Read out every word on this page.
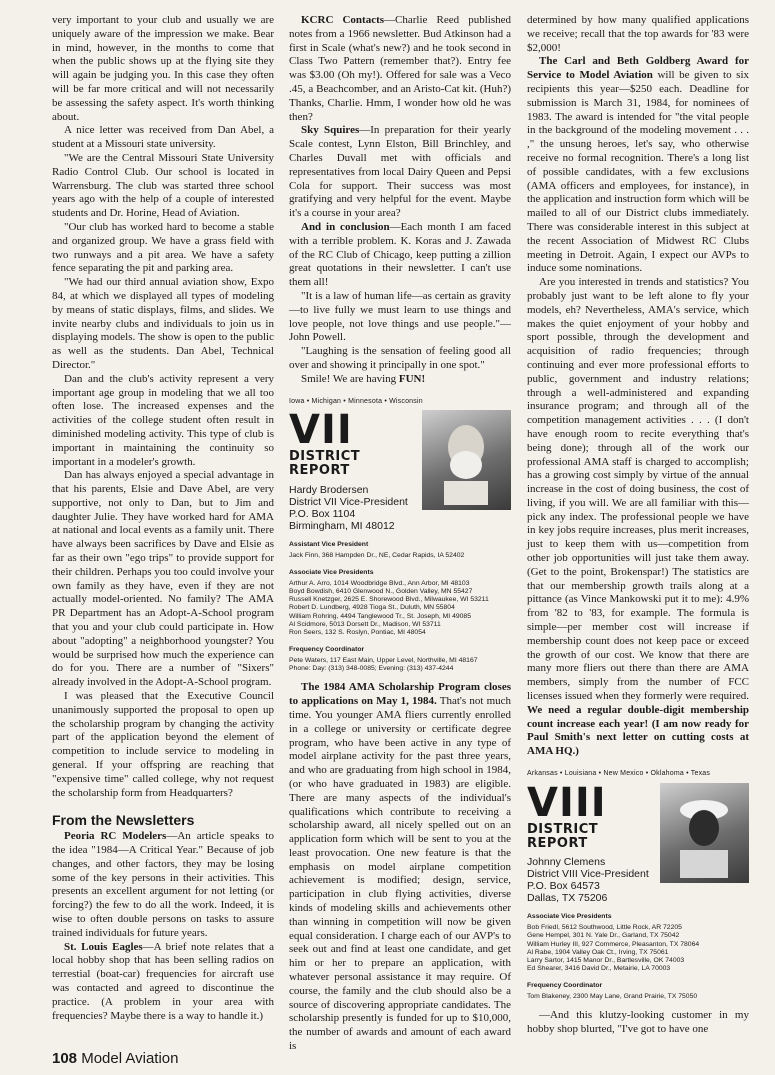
very important to your club and usually we are uniquely aware of the impression we make. Bear in mind, however, in the months to come that when the public shows up at the flying site they will again be judging you. In this case they often will be far more critical and will not necessarily be assessing the safety aspect. It's worth thinking about.

A nice letter was received from Dan Abel, a student at a Missouri state university.

"We are the Central Missouri State University Radio Control Club. Our school is located in Warrensburg. The club was started three school years ago with the help of a couple of interested students and Dr. Horine, Head of Aviation.

"Our club has worked hard to become a stable and organized group. We have a grass field with two runways and a pit area. We have a safety fence separating the pit and parking area.

"We had our third annual aviation show, Expo 84, at which we displayed all types of modeling by means of static displays, films, and slides. We invite nearby clubs and individuals to join us in displaying models. The show is open to the public as well as the students. Dan Abel, Technical Director."

Dan and the club's activity represent a very important age group in modeling that we all too often lose. The increased expenses and the activities of the college student often result in diminished modeling activity. This type of club is important in maintaining the continuity so important in a modeler's growth.

Dan has always enjoyed a special advantage in that his parents, Elsie and Dave Abel, are very supportive, not only to Dan, but to Jim and daughter Julie. They have worked hard for AMA at national and local events as a family unit. There have always been sacrifices by Dave and Elsie as far as their own "ego trips" to provide support for their children. Perhaps you too could involve your own family as they have, even if they are not actually model-oriented. No family? The AMA PR Department has an Adopt-A-School program that you and your club could participate in. How about "adopting" a neighborhood youngster? You would be surprised how much the experience can do for you. There are a number of "Sixers" already involved in the Adopt-A-School program.

I was pleased that the Executive Council unanimously supported the proposal to open up the scholarship program by changing the activity part of the application beyond the element of competition to include service to modeling in general. If your offspring are reaching that "expensive time" called college, why not request the scholarship form from Headquarters?

From the Newsletters

Peoria RC Modelers—An article speaks to the idea "1984—A Critical Year." Because of job changes, and other factors, they may be losing some of the key persons in their activities. This presents an excellent argument for not letting (or forcing?) the few to do all the work. Indeed, it is wise to often double persons on tasks to assure trained individuals for future years.

St. Louis Eagles—A brief note relates that a local hobby shop that has been selling radios on terrestial (boat-car) frequencies for aircraft use was contacted and agreed to discontinue the practice. (A problem in your area with frequencies? Maybe there is a way to handle it.)

KCRC Contacts—Charlie Reed published notes from a 1966 newsletter. Bud Atkinson had a first in Scale (what's new?) and he took second in Class Two Pattern (remember that?). Entry fee was $3.00 (Oh my!). Offered for sale was a Veco .45, a Beachcomber, and an Aristo-Cat kit. (Huh?) Thanks, Charlie. Hmm, I wonder how old he was then?

Sky Squires—In preparation for their yearly Scale contest, Lynn Elston, Bill Brinchley, and Charles Duvall met with officials and representatives from local Dairy Queen and Pepsi Cola for support. Their success was most gratifying and very helpful for the event. Maybe it's a course in your area?

And in conclusion—Each month I am faced with a terrible problem. K. Koras and J. Zawada of the RC Club of Chicago, keep putting a zillion great quotations in their newsletter. I can't use them all!

"It is a law of human life—as certain as gravity—to live fully we must learn to use things and love people, not love things and use people."—John Powell.

"Laughing is the sensation of feeling good all over and showing it principally in one spot."

Smile! We are having FUN!

Iowa • Michigan • Minnesota • Wisconsin
VII
DISTRICT REPORT
Hardy Brodersen
District VII Vice-President
P.O. Box 1104
Birmingham, MI 48012
Assistant Vice President
Jack Finn, 368 Hampden Dr., NE, Cedar Rapids, IA 52402
Associate Vice Presidents
Arthur A. Arro, 1014 Woodbridge Blvd., Ann Arbor, MI 48103
Boyd Bowdish, 6410 Glenwood N., Golden Valley, MN 55427
Russell Knetzger, 2625 E. Shorewood Blvd., Milwaukee, WI 53211
Robert D. Lundberg, 4928 Tioga St., Duluth, MN 55804
William Rohring, 4494 Tanglewood Tr., St. Joseph, MI 49085
Al Scidmore, 5013 Dorsett Dr., Madison, WI 53711
Ron Seers, 132 S. Roslyn, Pontiac, MI 48054
Frequency Coordinator
Pete Waters, 117 East Main, Upper Level, Northville, MI 48167
Phone: Day: (313) 348-0085; Evening: (313) 437-4244

The 1984 AMA Scholarship Program closes to applications on May 1, 1984. That's not much time. You younger AMA fliers currently enrolled in a college or university or certificate degree program, who have been active in any type of model airplane activity for the past three years, and who are graduating from high school in 1984, (or who have graduated in 1983) are eligible. There are many aspects of the individual's qualifications which contribute to receiving a scholarship award, all nicely spelled out on an application form which will be sent to you at the least provocation. One new feature is that the emphasis on model airplane competition achievement is modified; design, service, participation in club flying activities, diverse kinds of modeling skills and achievements other than winning in competition will now be given equal consideration. I charge each of our AVP's to seek out and find at least one candidate, and get him or her to prepare an application, with whatever personal assistance it may require. Of course, the family and the club should also be a source of discovering appropriate candidates. The scholarship presently is funded for up to $10,000, the number of awards and amount of each award is

determined by how many qualified applications we receive; recall that the top awards for '83 were $2,000!

The Carl and Beth Goldberg Award for Service to Model Aviation will be given to six recipients this year—$250 each. Deadline for submission is March 31, 1984, for nominees of 1983. The award is intended for "the vital people in the background of the modeling movement . . . ," the unsung heroes, let's say, who otherwise receive no formal recognition. There's a long list of possible candidates, with a few exclusions (AMA officers and employees, for instance), in the application and instruction form which will be mailed to all of our District clubs immediately. There was considerable interest in this subject at the recent Association of Midwest RC Clubs meeting in Detroit. Again, I expect our AVPs to induce some nominations.

Are you interested in trends and statistics? You probably just want to be left alone to fly your models, eh? Nevertheless, AMA's service, which makes the quiet enjoyment of your hobby and sport possible, through the development and acquisition of radio frequencies; through continuing and ever more professional efforts to public, government and industry relations; through a well-administered and expanding insurance program; and through all of the competition management activities . . . (I don't have enough room to recite everything that's being done); through all of the work our professional AMA staff is charged to accomplish; has a growing cost simply by virtue of the annual increase in the cost of doing business, the cost of living, if you will. We are all familiar with this—pick any index. The professional people we have in key jobs require increases, plus merit increases, just to keep them with us—competition from other job opportunities will just take them away. (Get to the point, Brokenspar!) The statistics are that our membership growth trails along at a pittance (as Vince Mankowski put it to me): 4.9% from '82 to '83, for example. The formula is simple—per member cost will increase if membership count does not keep pace or exceed the growth of our cost. We know that there are many more fliers out there than there are AMA members, simply from the number of FCC licenses issued when they formerly were required. We need a regular double-digit membership count increase each year! (I am now ready for Paul Smith's next letter on cutting costs at AMA HQ.)

Arkansas • Louisiana • New Mexico • Oklahoma • Texas
VIII
DISTRICT REPORT
Johnny Clemens
District VIII Vice-President
P.O. Box 64573
Dallas, TX 75206
Associate Vice Presidents
Bob Friedl, 5612 Southwood, Little Rock, AR 72205
Gene Hempel, 301 N. Yale Dr., Garland, TX 75042
William Hurley III, 927 Commerce, Pleasanton, TX 78064
Al Rabe, 1904 Valley Oak Ct., Irving, TX 75061
Larry Sartor, 1415 Manor Dr., Bartlesville, OK 74003
Ed Shearer, 3416 David Dr., Metairie, LA 70003
Frequency Coordinator
Tom Blakeney, 2300 May Lane, Grand Prairie, TX 75050

—And this klutzy-looking customer in my hobby shop blurted, "I've got to have one

108 Model Aviation
